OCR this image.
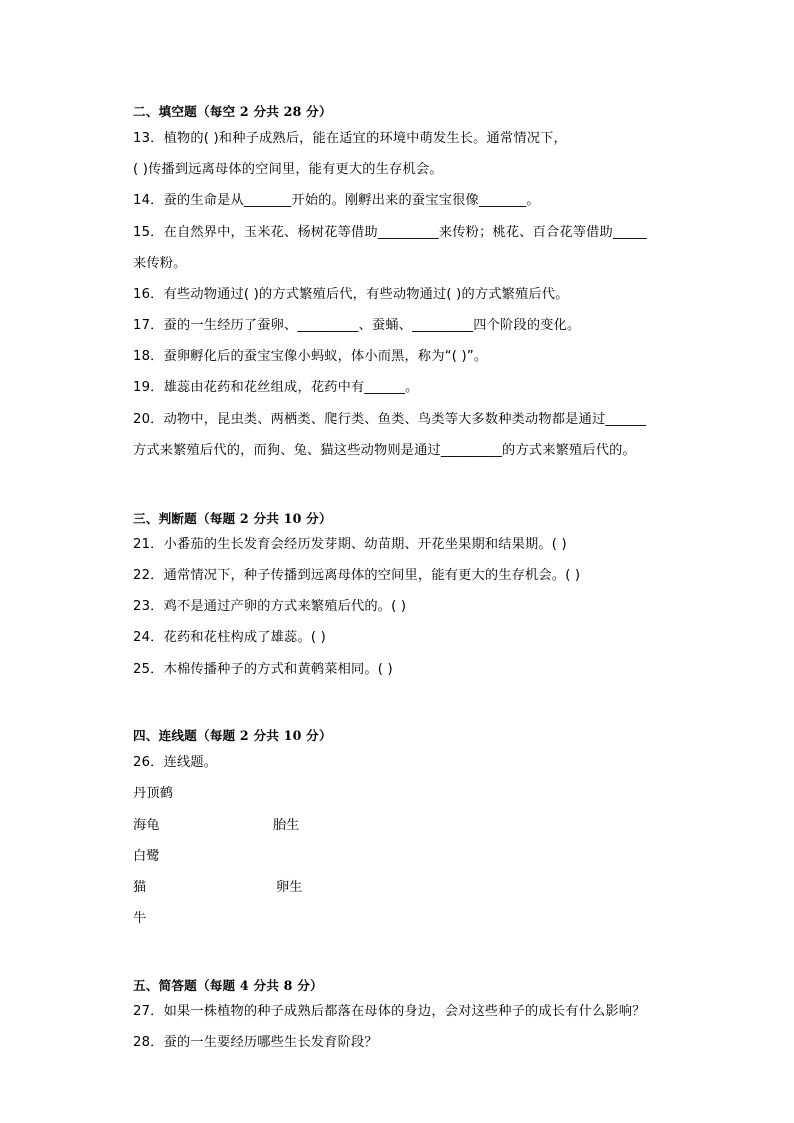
二、填空题（每空 2 分共 28 分）
13．植物的( )和种子成熟后，能在适宜的环境中萌发生长。通常情况下，
( )传播到远离母体的空间里，能有更大的生存机会。
14．蚕的生命是从_______开始的。刚孵出来的蚕宝宝很像_______。
15．在自然界中，玉米花、杨树花等借助_________来传粉；桃花、百合花等借助_____
来传粉。
16．有些动物通过( )的方式繁殖后代，有些动物通过( )的方式繁殖后代。
17．蚕的一生经历了蚕卵、_________、蚕蛹、_________四个阶段的变化。
18．蚕卵孵化后的蚕宝宝像小蚂蚁，体小而黑，称为“( )”。
19．雄蕊由花药和花丝组成，花药中有______。
20．动物中，昆虫类、两栖类、爬行类、鱼类、鸟类等大多数种类动物都是通过______
方式来繁殖后代的，而狗、兔、猫这些动物则是通过_________的方式来繁殖后代的。
三、判断题（每题 2 分共 10 分）
21．小番茄的生长发育会经历发芽期、幼苗期、开花坐果期和结果期。( )
22．通常情况下，种子传播到远离母体的空间里，能有更大的生存机会。( )
23．鸡不是通过产卵的方式来繁殖后代的。( )
24．花药和花柱构成了雄蕊。( )
25．木棉传播种子的方式和黄鹌菜相同。( )
四、连线题（每题 2 分共 10 分）
26．连线题。
丹顶鹤
海龟	胎生
白鹭
猫	卵生
牛
五、简答题（每题 4 分共 8 分）
27．如果一株植物的种子成熟后都落在母体的身边，会对这些种子的成长有什么影响？
28．蚕的一生要经历哪些生长发育阶段？
